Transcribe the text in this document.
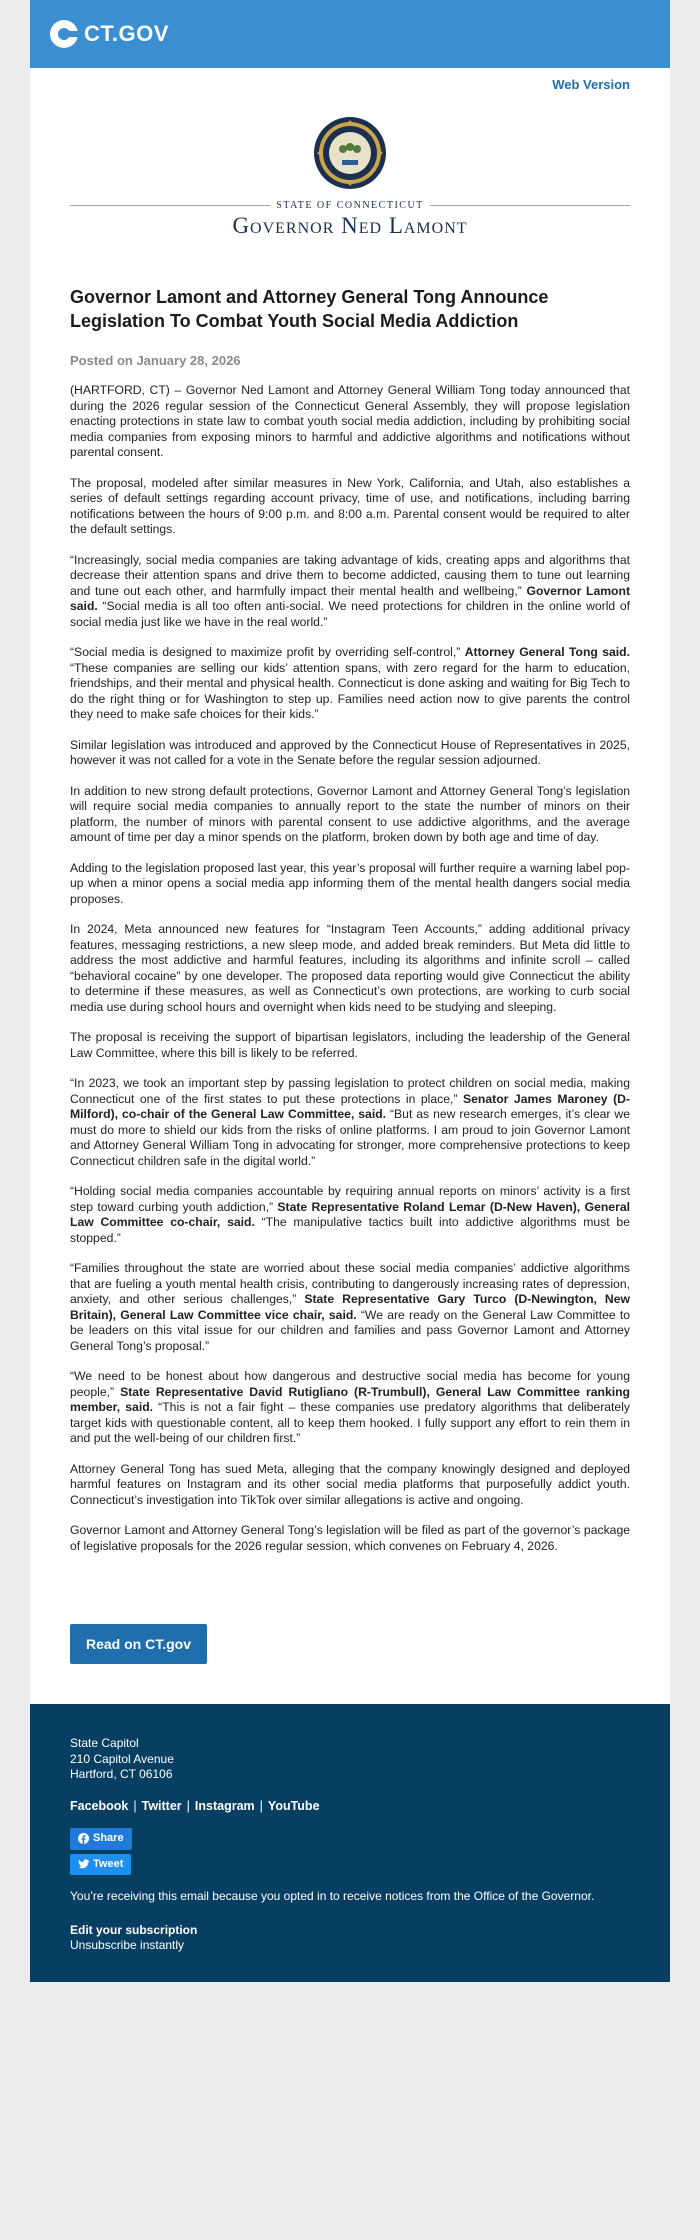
CT.GOV
Web Version
STATE OF CONNECTICUT
Governor Ned Lamont
Governor Lamont and Attorney General Tong Announce Legislation To Combat Youth Social Media Addiction
Posted on January 28, 2026

(HARTFORD, CT) – Governor Ned Lamont and Attorney General William Tong today announced that during the 2026 regular session of the Connecticut General Assembly, they will propose legislation enacting protections in state law to combat youth social media addiction, including by prohibiting social media companies from exposing minors to harmful and addictive algorithms and notifications without parental consent.

The proposal, modeled after similar measures in New York, California, and Utah, also establishes a series of default settings regarding account privacy, time of use, and notifications, including barring notifications between the hours of 9:00 p.m. and 8:00 a.m. Parental consent would be required to alter the default settings.

“Increasingly, social media companies are taking advantage of kids, creating apps and algorithms that decrease their attention spans and drive them to become addicted, causing them to tune out learning and tune out each other, and harmfully impact their mental health and wellbeing,” Governor Lamont said. “Social media is all too often anti-social. We need protections for children in the online world of social media just like we have in the real world.”

“Social media is designed to maximize profit by overriding self-control,” Attorney General Tong said. “These companies are selling our kids’ attention spans, with zero regard for the harm to education, friendships, and their mental and physical health. Connecticut is done asking and waiting for Big Tech to do the right thing or for Washington to step up. Families need action now to give parents the control they need to make safe choices for their kids.”

Similar legislation was introduced and approved by the Connecticut House of Representatives in 2025, however it was not called for a vote in the Senate before the regular session adjourned.

In addition to new strong default protections, Governor Lamont and Attorney General Tong’s legislation will require social media companies to annually report to the state the number of minors on their platform, the number of minors with parental consent to use addictive algorithms, and the average amount of time per day a minor spends on the platform, broken down by both age and time of day.

Adding to the legislation proposed last year, this year’s proposal will further require a warning label pop-up when a minor opens a social media app informing them of the mental health dangers social media proposes.

In 2024, Meta announced new features for “Instagram Teen Accounts,” adding additional privacy features, messaging restrictions, a new sleep mode, and added break reminders. But Meta did little to address the most addictive and harmful features, including its algorithms and infinite scroll – called “behavioral cocaine” by one developer. The proposed data reporting would give Connecticut the ability to determine if these measures, as well as Connecticut’s own protections, are working to curb social media use during school hours and overnight when kids need to be studying and sleeping.

The proposal is receiving the support of bipartisan legislators, including the leadership of the General Law Committee, where this bill is likely to be referred.

“In 2023, we took an important step by passing legislation to protect children on social media, making Connecticut one of the first states to put these protections in place,” Senator James Maroney (D-Milford), co-chair of the General Law Committee, said. “But as new research emerges, it’s clear we must do more to shield our kids from the risks of online platforms. I am proud to join Governor Lamont and Attorney General William Tong in advocating for stronger, more comprehensive protections to keep Connecticut children safe in the digital world.”

“Holding social media companies accountable by requiring annual reports on minors’ activity is a first step toward curbing youth addiction,” State Representative Roland Lemar (D-New Haven), General Law Committee co-chair, said. “The manipulative tactics built into addictive algorithms must be stopped.”

“Families throughout the state are worried about these social media companies’ addictive algorithms that are fueling a youth mental health crisis, contributing to dangerously increasing rates of depression, anxiety, and other serious challenges,” State Representative Gary Turco (D-Newington, New Britain), General Law Committee vice chair, said. “We are ready on the General Law Committee to be leaders on this vital issue for our children and families and pass Governor Lamont and Attorney General Tong’s proposal.”

“We need to be honest about how dangerous and destructive social media has become for young people,” State Representative David Rutigliano (R-Trumbull), General Law Committee ranking member, said. “This is not a fair fight – these companies use predatory algorithms that deliberately target kids with questionable content, all to keep them hooked. I fully support any effort to rein them in and put the well-being of our children first.”

Attorney General Tong has sued Meta, alleging that the company knowingly designed and deployed harmful features on Instagram and its other social media platforms that purposefully addict youth. Connecticut’s investigation into TikTok over similar allegations is active and ongoing.

Governor Lamont and Attorney General Tong’s legislation will be filed as part of the governor’s package of legislative proposals for the 2026 regular session, which convenes on February 4, 2026.

Read on CT.gov
State Capitol
210 Capitol Avenue
Hartford, CT 06106
Facebook | Twitter | Instagram | YouTube
Share
Tweet
You’re receiving this email because you opted in to receive notices from the Office of the Governor.
Edit your subscription
Unsubscribe instantly
